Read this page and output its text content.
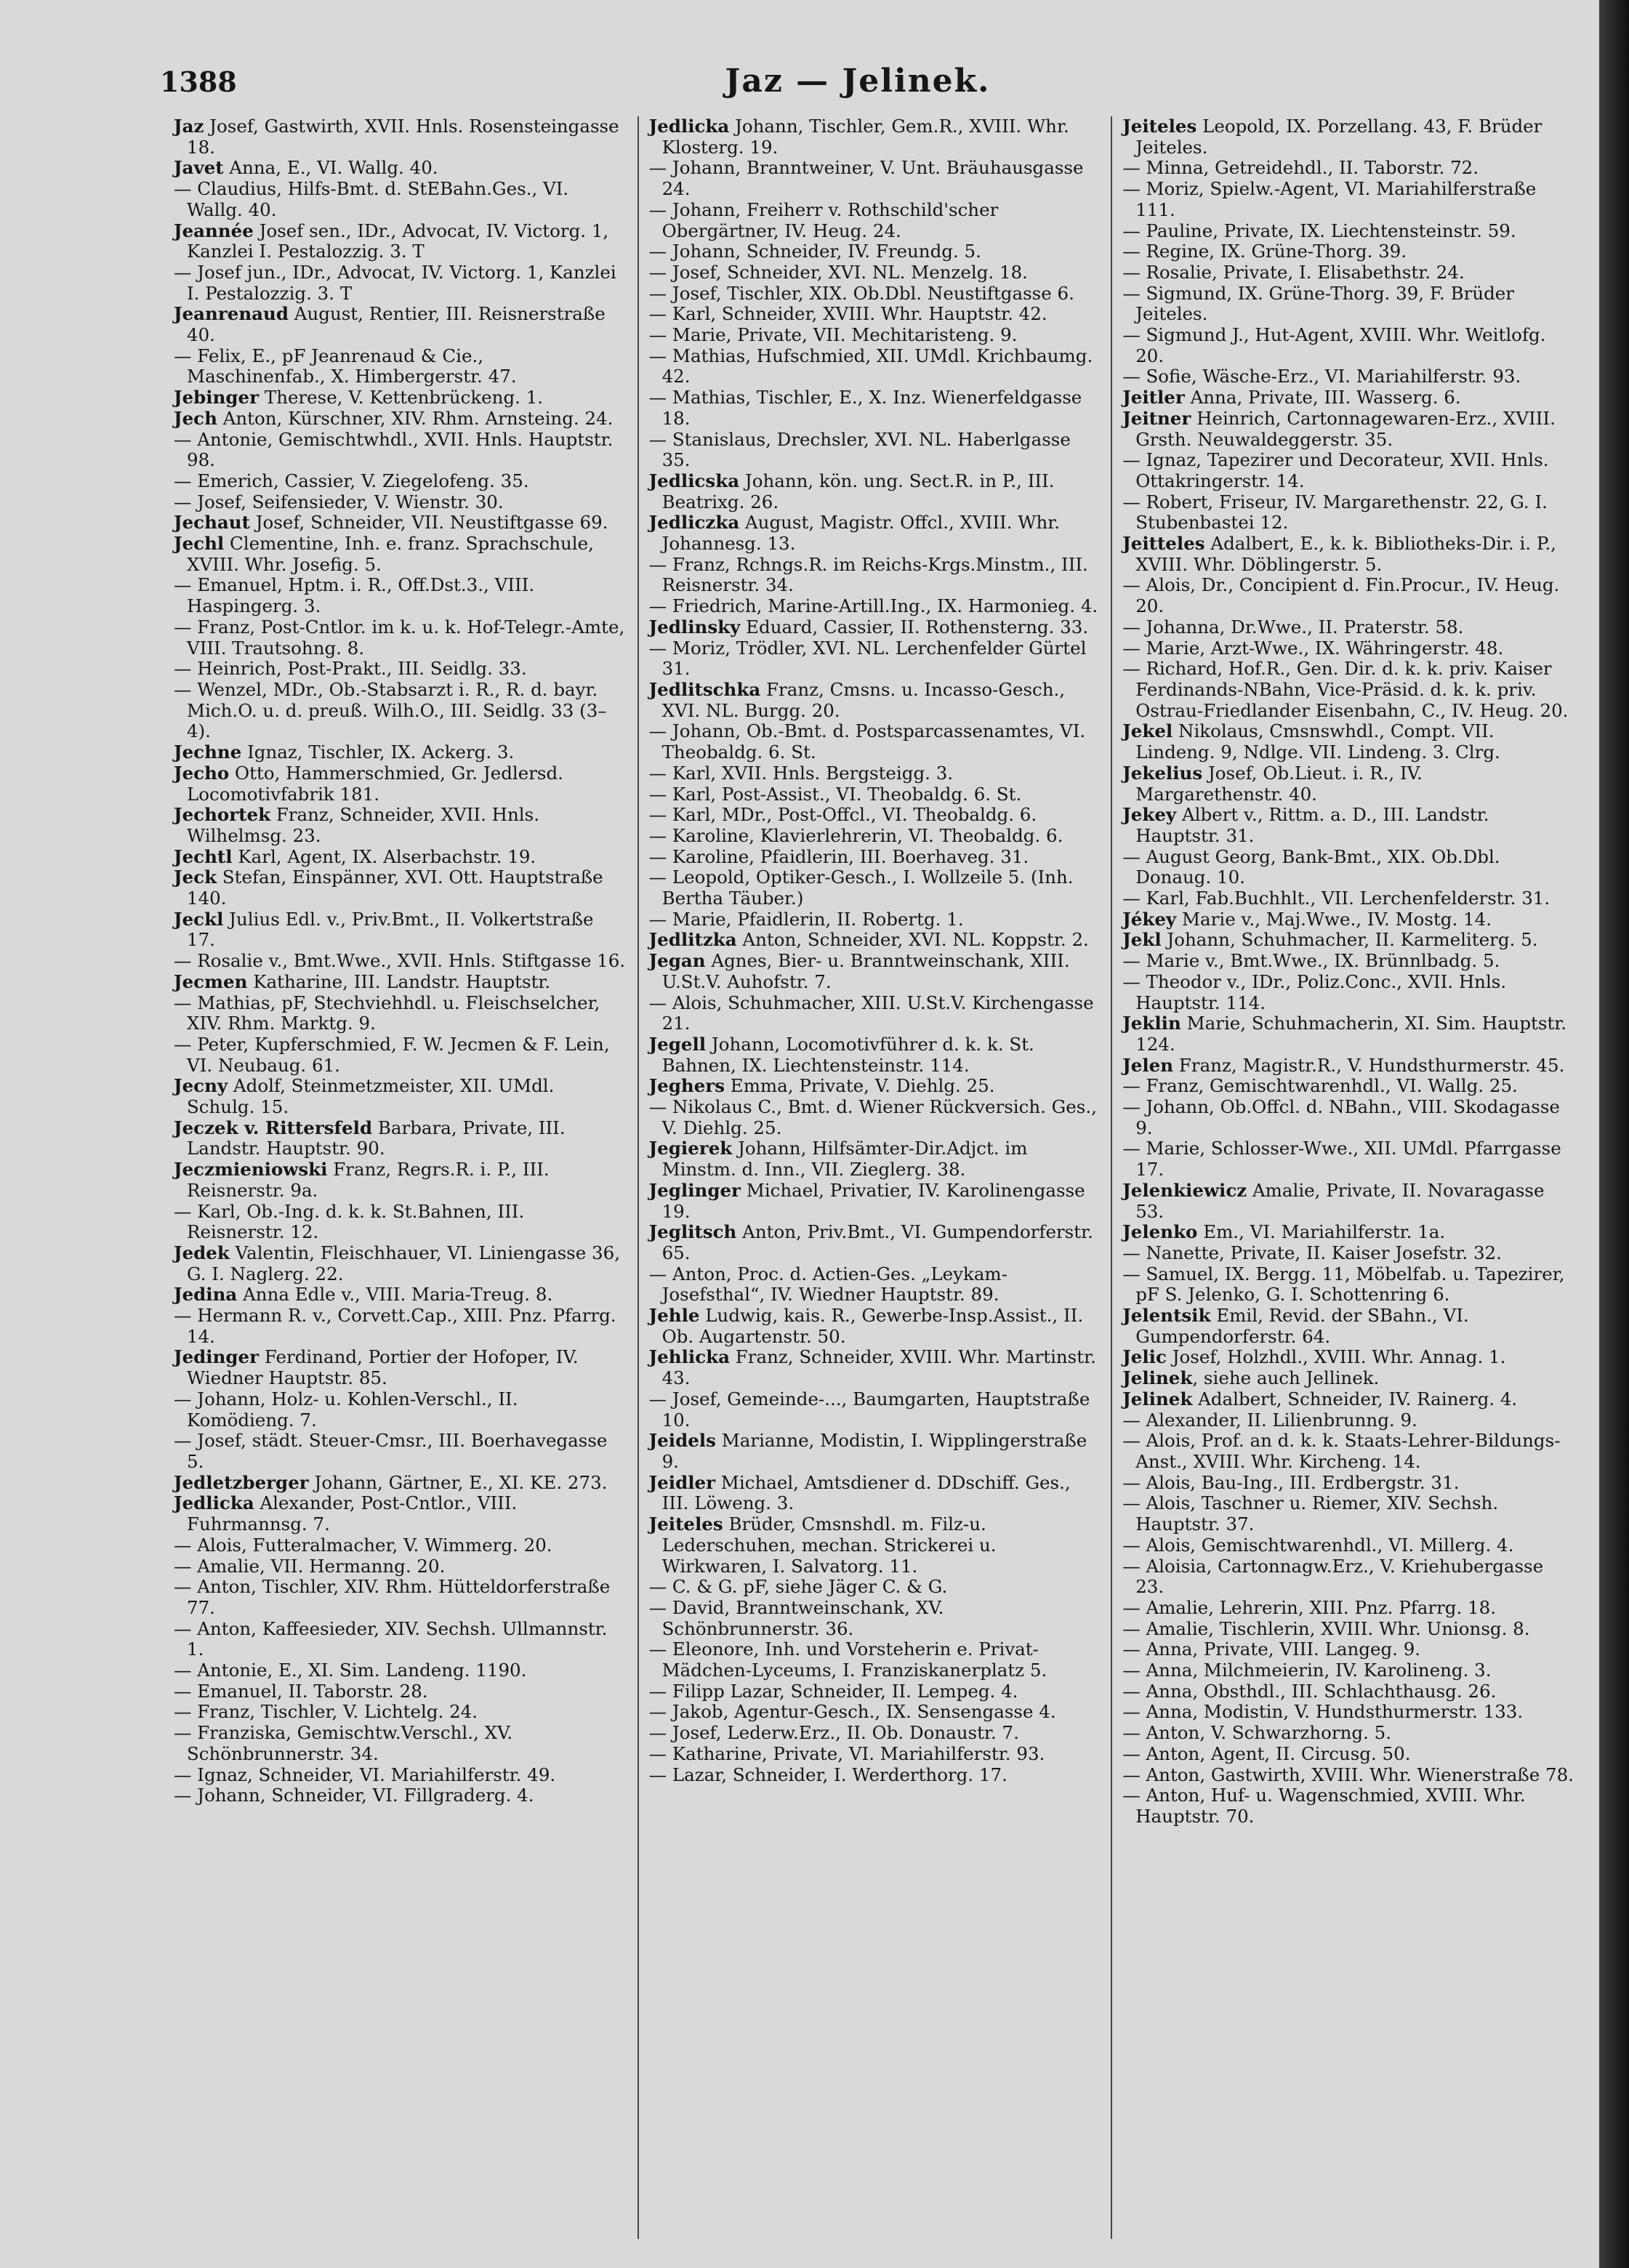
1388	Jaz — Jelinek.

Jaz Josef, Gastwirth, XVII. Hnls. Rosensteingasse 18.

Javet Anna, E., VI. Wallg. 40.

— Claudius, Hilfs-Bmt. d. StEBahn.Ges., VI. Wallg. 40.

Jeannée Josef sen., IDr., Advocat, IV. Victorg. 1, Kanzlei I. Pestalozzig. 3. T

— Josef jun., IDr., Advocat, IV. Victorg. 1, Kanzlei I. Pestalozzig. 3. T

Jeanrenaud August, Rentier, III. Reisnerstraße 40.

— Felix, E., pF Jeanrenaud & Cie., Maschinenfab., X. Himbergerstr. 47.

Jebinger Therese, V. Kettenbrückeng. 1.

Jech Anton, Kürschner, XIV. Rhm. Arnsteing. 24.

— Antonie, Gemischtwhdl., XVII. Hnls. Hauptstr. 98.

— Emerich, Cassier, V. Ziegelofeng. 35.

— Josef, Seifensieder, V. Wienstr. 30.

Jechaut Josef, Schneider, VII. Neustiftgasse 69.

Jechl Clementine, Inh. e. franz. Sprachschule, XVIII. Whr. Josefig. 5.

— Emanuel, Hptm. i. R., Off.Dst.3., VIII. Haspingerg. 3.

— Franz, Post-Cntlor. im k. u. k. Hof-Telegr.-Amte, VIII. Trautsohng. 8.

— Heinrich, Post-Prakt., III. Seidlg. 33.

— Wenzel, MDr., Ob.-Stabsarzt i. R., R. d. bayr. Mich.O. u. d. preuß. Wilh.O., III. Seidlg. 33 (3–4).

Jechne Ignaz, Tischler, IX. Ackerg. 3.

Jecho Otto, Hammerschmied, Gr. Jedlersd. Locomotivfabrik 181.

Jechortek Franz, Schneider, XVII. Hnls. Wilhelmsg. 23.

Jechtl Karl, Agent, IX. Alserbachstr. 19.

Jeck Stefan, Einspänner, XVI. Ott. Hauptstraße 140.

Jeckl Julius Edl. v., Priv.Bmt., II. Volkertstraße 17.

— Rosalie v., Bmt.Wwe., XVII. Hnls. Stiftgasse 16.

Jecmen Katharine, III. Landstr. Hauptstr.

— Mathias, pF, Stechviehhdl. u. Fleischselcher, XIV. Rhm. Marktg. 9.

— Peter, Kupferschmied, F. W. Jecmen & F. Lein, VI. Neubaug. 61.

Jecny Adolf, Steinmetzmeister, XII. UMdl. Schulg. 15.

Jeczek v. Rittersfeld Barbara, Private, III. Landstr. Hauptstr. 90.

Jeczmieniowski Franz, Regrs.R. i. P., III. Reisnerstr. 9a.

— Karl, Ob.-Ing. d. k. k. St.Bahnen, III. Reisnerstr. 12.

Jedek Valentin, Fleischhauer, VI. Liniengasse 36, G. I. Naglerg. 22.

Jedina Anna Edle v., VIII. Maria-Treug. 8.

— Hermann R. v., Corvett.Cap., XIII. Pnz. Pfarrg. 14.

Jedinger Ferdinand, Portier der Hofoper, IV. Wiedner Hauptstr. 85.

— Johann, Holz- u. Kohlen-Verschl., II. Komödieng. 7.

— Josef, städt. Steuer-Cmsr., III. Boerhavegasse 5.

Jedletzberger Johann, Gärtner, E., XI. KE. 273.

Jedlicka Alexander, Post-Cntlor., VIII. Fuhrmannsg. 7.

— Alois, Futteralmacher, V. Wimmerg. 20.

— Amalie, VII. Hermanng. 20.

— Anton, Tischler, XIV. Rhm. Hütteldorferstraße 77.

— Anton, Kaffeesieder, XIV. Sechsh. Ullmannstr. 1.

— Antonie, E., XI. Sim. Landeng. 1190.

— Emanuel, II. Taborstr. 28.

— Franz, Tischler, V. Lichtelg. 24.

— Franziska, Gemischtw.Verschl., XV. Schönbrunnerstr. 34.

— Ignaz, Schneider, VI. Mariahilferstr. 49.

— Johann, Schneider, VI. Fillgraderg. 4.

Jedlicka Johann, Tischler, Gem.R., XVIII. Whr. Klosterg. 19.

— Johann, Branntweiner, V. Unt. Bräuhausgasse 24.

— Johann, Freiherr v. Rothschild'scher Obergärtner, IV. Heug. 24.

— Johann, Schneider, IV. Freundg. 5.

— Josef, Schneider, XVI. NL. Menzelg. 18.

— Josef, Tischler, XIX. Ob.Dbl. Neustiftgasse 6.

— Karl, Schneider, XVIII. Whr. Hauptstr. 42.

— Marie, Private, VII. Mechitaristeng. 9.

— Mathias, Hufschmied, XII. UMdl. Krichbaumg. 42.

— Mathias, Tischler, E., X. Inz. Wienerfeldgasse 18.

— Stanislaus, Drechsler, XVI. NL. Haberlgasse 35.

Jedlicska Johann, kön. ung. Sect.R. in P., III. Beatrixg. 26.

Jedliczka August, Magistr. Offcl., XVIII. Whr. Johannesg. 13.

— Franz, Rchngs.R. im Reichs-Krgs.Minstm., III. Reisnerstr. 34.

— Friedrich, Marine-Artill.Ing., IX. Harmonieg. 4.

Jedlinsky Eduard, Cassier, II. Rothensterng. 33.

— Moriz, Trödler, XVI. NL. Lerchenfelder Gürtel 31.

Jedlitschka Franz, Cmsns. u. Incasso-Gesch., XVI. NL. Burgg. 20.

— Johann, Ob.-Bmt. d. Postsparcassenamtes, VI. Theobaldg. 6. St.

— Karl, XVII. Hnls. Bergsteigg. 3.

— Karl, Post-Assist., VI. Theobaldg. 6. St.

— Karl, MDr., Post-Offcl., VI. Theobaldg. 6.

— Karoline, Klavierlehrerin, VI. Theobaldg. 6.

— Karoline, Pfaidlerin, III. Boerhaveg. 31.

— Leopold, Optiker-Gesch., I. Wollzeile 5. (Inh. Bertha Täuber.)

— Marie, Pfaidlerin, II. Robertg. 1.

Jedlitzka Anton, Schneider, XVI. NL. Koppstr. 2.

Jegan Agnes, Bier- u. Branntweinschank, XIII. U.St.V. Auhofstr. 7.

— Alois, Schuhmacher, XIII. U.St.V. Kirchengasse 21.

Jegell Johann, Locomotivführer d. k. k. St. Bahnen, IX. Liechtensteinstr. 114.

Jeghers Emma, Private, V. Diehlg. 25.

— Nikolaus C., Bmt. d. Wiener Rückversich. Ges., V. Diehlg. 25.

Jegierek Johann, Hilfsämter-Dir.Adjct. im Minstm. d. Inn., VII. Zieglerg. 38.

Jeglinger Michael, Privatier, IV. Karolinengasse 19.

Jeglitsch Anton, Priv.Bmt., VI. Gumpendorferstr. 65.

— Anton, Proc. d. Actien-Ges. „Leykam-Josefsthal“, IV. Wiedner Hauptstr. 89.

Jehle Ludwig, kais. R., Gewerbe-Insp.Assist., II. Ob. Augartenstr. 50.

Jehlicka Franz, Schneider, XVIII. Whr. Martinstr. 43.

— Josef, Gemeinde-..., Baumgarten, Hauptstraße 10.

Jeidels Marianne, Modistin, I. Wipplingerstraße 9.

Jeidler Michael, Amtsdiener d. DDschiff. Ges., III. Löweng. 3.

Jeiteles Brüder, Cmsnshdl. m. Filz-u. Lederschuhen, mechan. Strickerei u. Wirkwaren, I. Salvatorg. 11.

— C. & G. pF, siehe Jäger C. & G.

— David, Branntweinschank, XV. Schönbrunnerstr. 36.

— Eleonore, Inh. und Vorsteherin e. Privat-Mädchen-Lyceums, I. Franziskanerplatz 5.

— Filipp Lazar, Schneider, II. Lempeg. 4.

— Jakob, Agentur-Gesch., IX. Sensengasse 4.

— Josef, Lederw.Erz., II. Ob. Donaustr. 7.

— Katharine, Private, VI. Mariahilferstr. 93.

— Lazar, Schneider, I. Werderthorg. 17.

Jeiteles Leopold, IX. Porzellang. 43, F. Brüder Jeiteles.

— Minna, Getreidehdl., II. Taborstr. 72.

— Moriz, Spielw.-Agent, VI. Mariahilferstraße 111.

— Pauline, Private, IX. Liechtensteinstr. 59.

— Regine, IX. Grüne-Thorg. 39.

— Rosalie, Private, I. Elisabethstr. 24.

— Sigmund, IX. Grüne-Thorg. 39, F. Brüder Jeiteles.

— Sigmund J., Hut-Agent, XVIII. Whr. Weitlofg. 20.

— Sofie, Wäsche-Erz., VI. Mariahilferstr. 93.

Jeitler Anna, Private, III. Wasserg. 6.

Jeitner Heinrich, Cartonnagewaren-Erz., XVIII. Grsth. Neuwaldeggerstr. 35.

— Ignaz, Tapezirer und Decorateur, XVII. Hnls. Ottakringerstr. 14.

— Robert, Friseur, IV. Margarethenstr. 22, G. I. Stubenbastei 12.

Jeitteles Adalbert, E., k. k. Bibliotheks-Dir. i. P., XVIII. Whr. Döblingerstr. 5.

— Alois, Dr., Concipient d. Fin.Procur., IV. Heug. 20.

— Johanna, Dr.Wwe., II. Praterstr. 58.

— Marie, Arzt-Wwe., IX. Währingerstr. 48.

— Richard, Hof.R., Gen. Dir. d. k. k. priv. Kaiser Ferdinands-NBahn, Vice-Präsid. d. k. k. priv. Ostrau-Friedlander Eisenbahn, C., IV. Heug. 20.

Jekel Nikolaus, Cmsnswhdl., Compt. VII. Lindeng. 9, Ndlge. VII. Lindeng. 3. Clrg.

Jekelius Josef, Ob.Lieut. i. R., IV. Margarethenstr. 40.

Jekey Albert v., Rittm. a. D., III. Landstr. Hauptstr. 31.

— August Georg, Bank-Bmt., XIX. Ob.Dbl. Donaug. 10.

— Karl, Fab.Buchhlt., VII. Lerchenfelderstr. 31.

Jékey Marie v., Maj.Wwe., IV. Mostg. 14.

Jekl Johann, Schuhmacher, II. Karmeliterg. 5.

— Marie v., Bmt.Wwe., IX. Brünnlbadg. 5.

— Theodor v., IDr., Poliz.Conc., XVII. Hnls. Hauptstr. 114.

Jeklin Marie, Schuhmacherin, XI. Sim. Hauptstr. 124.

Jelen Franz, Magistr.R., V. Hundsthurmerstr. 45.

— Franz, Gemischtwarenhdl., VI. Wallg. 25.

— Johann, Ob.Offcl. d. NBahn., VIII. Skodagasse 9.

— Marie, Schlosser-Wwe., XII. UMdl. Pfarrgasse 17.

Jelenkiewicz Amalie, Private, II. Novaragasse 53.

Jelenko Em., VI. Mariahilferstr. 1a.

— Nanette, Private, II. Kaiser Josefstr. 32.

— Samuel, IX. Bergg. 11, Möbelfab. u. Tapezirer, pF S. Jelenko, G. I. Schottenring 6.

Jelentsik Emil, Revid. der SBahn., VI. Gumpendorferstr. 64.

Jelic Josef, Holzhdl., XVIII. Whr. Annag. 1.

Jelinek, siehe auch Jellinek.

Jelinek Adalbert, Schneider, IV. Rainerg. 4.

— Alexander, II. Lilienbrunng. 9.

— Alois, Prof. an d. k. k. Staats-Lehrer-Bildungs-Anst., XVIII. Whr. Kircheng. 14.

— Alois, Bau-Ing., III. Erdbergstr. 31.

— Alois, Taschner u. Riemer, XIV. Sechsh. Hauptstr. 37.

— Alois, Gemischtwarenhdl., VI. Millerg. 4.

— Aloisia, Cartonnagw.Erz., V. Kriehubergasse 23.

— Amalie, Lehrerin, XIII. Pnz. Pfarrg. 18.

— Amalie, Tischlerin, XVIII. Whr. Unionsg. 8.

— Anna, Private, VIII. Langeg. 9.

— Anna, Milchmeierin, IV. Karolineng. 3.

— Anna, Obsthdl., III. Schlachthausg. 26.

— Anna, Modistin, V. Hundsthurmerstr. 133.

— Anton, V. Schwarzhorng. 5.

— Anton, Agent, II. Circusg. 50.

— Anton, Gastwirth, XVIII. Whr. Wienerstraße 78.

— Anton, Huf- u. Wagenschmied, XVIII. Whr. Hauptstr. 70.
